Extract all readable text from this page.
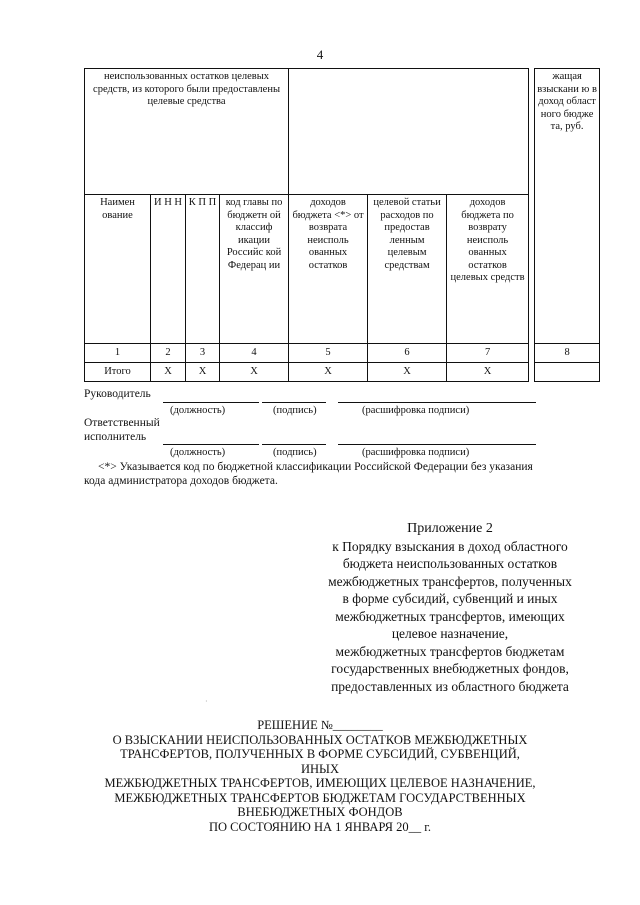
4
неиспользованных остатков целевых средств, из которого были предоставлены целевые средства								жащая взыскани ю в доход област ного бюдже та, руб.
Наимен ование	И Н Н	К П П	код главы по бюджетн ой классиф икации Российс кой Федерац ии	доходов бюджета <*> от возврата неисполь ованных остатков	целевой статьи расходов по предостав ленным целевым средствам	доходов бюджета по возврату неисполь ованных остатков целевых средств		
1	2	3	4	5	6	7		8
Итого	X	X	X	X	X	X		
Руководитель
(должность)	(подпись)	(расшифровка подписи)
Ответственный
исполнитель
(должность)	(подпись)	(расшифровка подписи)
<*> Указывается код по бюджетной классификации Российской Федерации без указания кода администратора доходов бюджета.
Приложение 2
к Порядку взыскания в доход областного
бюджета неиспользованных остатков
межбюджетных трансфертов, полученных
в форме субсидий, субвенций и иных
межбюджетных трансфертов, имеющих
целевое назначение,
межбюджетных трансфертов бюджетам
государственных внебюджетных фондов,
предоставленных из областного бюджета
·
РЕШЕНИЕ №________
О ВЗЫСКАНИИ НЕИСПОЛЬЗОВАННЫХ ОСТАТКОВ МЕЖБЮДЖЕТНЫХ
ТРАНСФЕРТОВ, ПОЛУЧЕННЫХ В ФОРМЕ СУБСИДИЙ, СУБВЕНЦИЙ, ИНЫХ
МЕЖБЮДЖЕТНЫХ ТРАНСФЕРТОВ, ИМЕЮЩИХ ЦЕЛЕВОЕ НАЗНАЧЕНИЕ,
МЕЖБЮДЖЕТНЫХ ТРАНСФЕРТОВ БЮДЖЕТАМ ГОСУДАРСТВЕННЫХ
ВНЕБЮДЖЕТНЫХ ФОНДОВ
ПО СОСТОЯНИЮ НА 1 ЯНВАРЯ 20__ г.
